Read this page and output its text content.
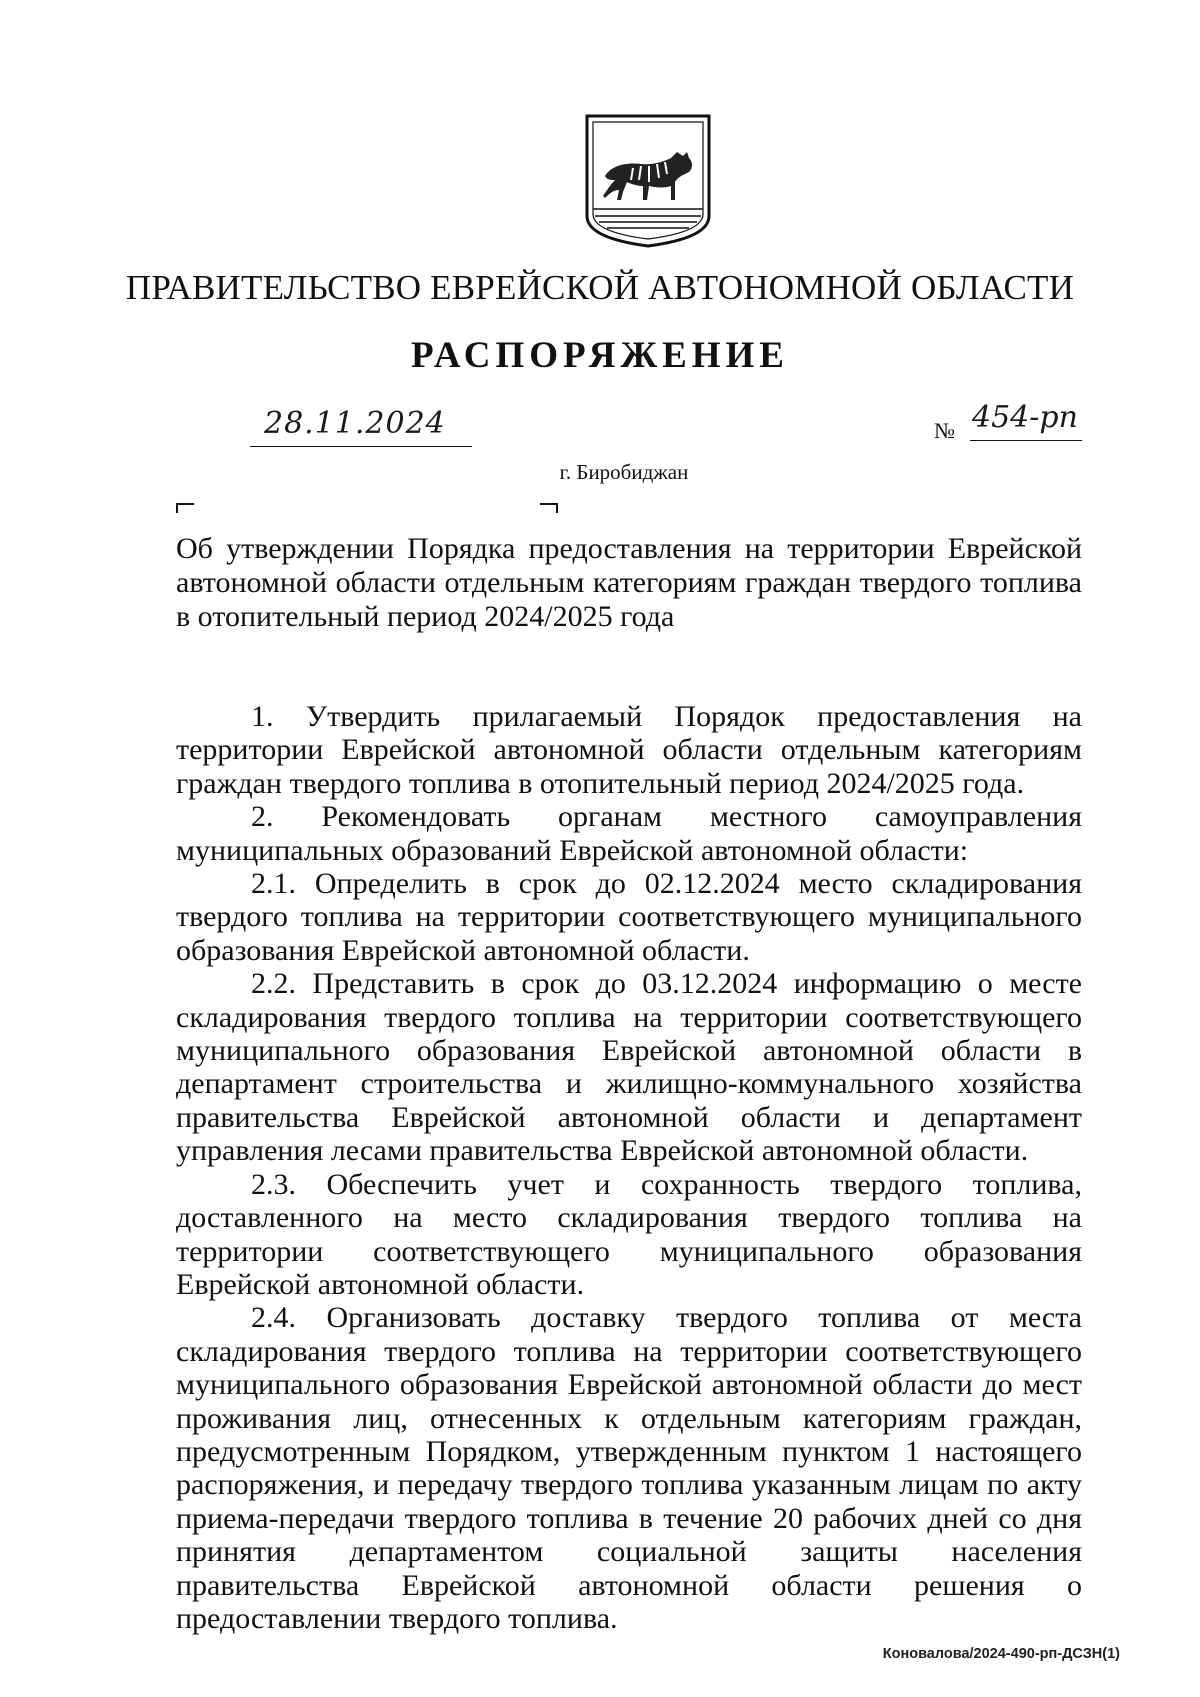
ПРАВИТЕЛЬСТВО ЕВРЕЙСКОЙ АВТОНОМНОЙ ОБЛАСТИ
РАСПОРЯЖЕНИЕ
28.11.2024	№ 454-рп
г. Биробиджан
Об утверждении Порядка предоставления на территории Еврейской автономной области отдельным категориям граждан твердого топлива в отопительный период 2024/2025 года

1. Утвердить прилагаемый Порядок предоставления на территории Еврейской автономной области отдельным категориям граждан твердого топлива в отопительный период 2024/2025 года.

2. Рекомендовать органам местного самоуправления муниципальных образований Еврейской автономной области:

2.1. Определить в срок до 02.12.2024 место складирования твердого топлива на территории соответствующего муниципального образования Еврейской автономной области.

2.2. Представить в срок до 03.12.2024 информацию о месте складирования твердого топлива на территории соответствующего муниципального образования Еврейской автономной области в департамент строительства и жилищно-коммунального хозяйства правительства Еврейской автономной области и департамент управления лесами правительства Еврейской автономной области.

2.3. Обеспечить учет и сохранность твердого топлива, доставленного на место складирования твердого топлива на территории соответствующего муниципального образования Еврейской автономной области.

2.4. Организовать доставку твердого топлива от места складирования твердого топлива на территории соответствующего муниципального образования Еврейской автономной области до мест проживания лиц, отнесенных к отдельным категориям граждан, предусмотренным Порядком, утвержденным пунктом 1 настоящего распоряжения, и передачу твердого топлива указанным лицам по акту приема-передачи твердого топлива в течение 20 рабочих дней со дня принятия департаментом социальной защиты населения правительства Еврейской автономной области решения о предоставлении твердого топлива.

Коновалова/2024-490-рп-ДСЗН(1)
